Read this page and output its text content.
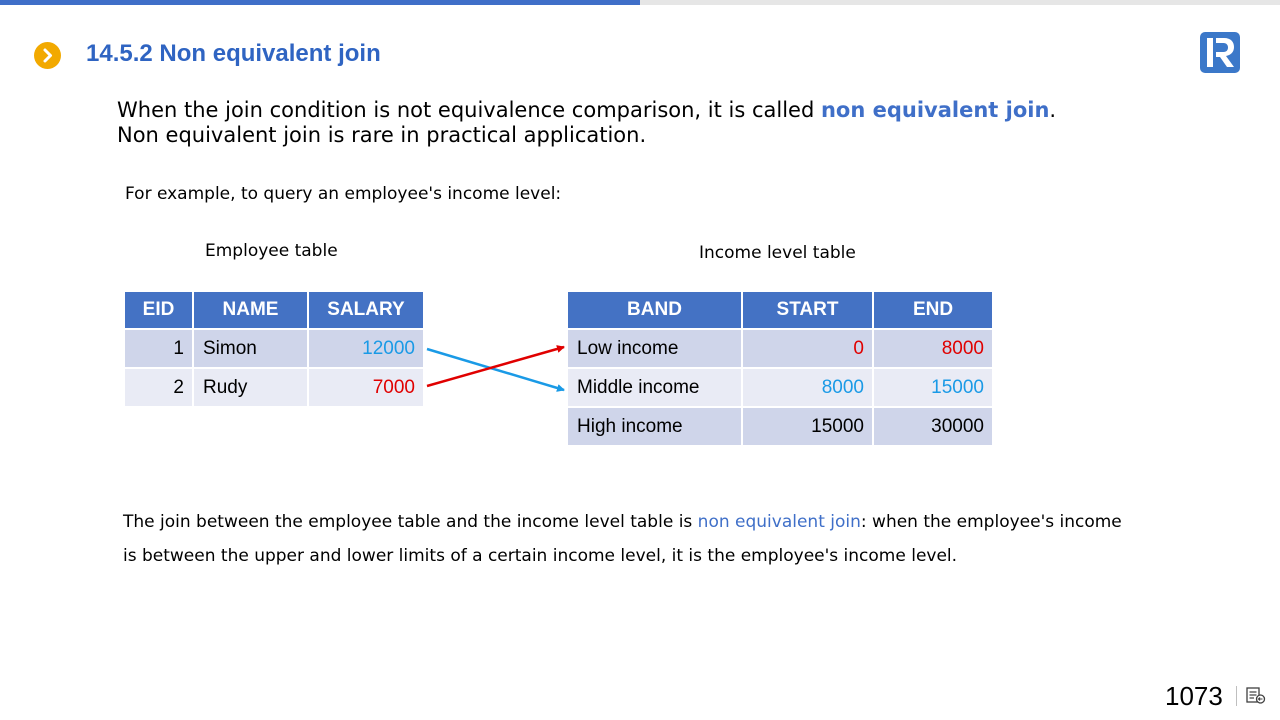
14.5.2 Non equivalent join

When the join condition is not equivalence comparison, it is called non equivalent join. Non equivalent join is rare in practical application.

For example, to query an employee's income level:

Employee table	Income level table
EID	NAME	SALARY
1	Simon	12000
2	Rudy	7000
BAND	START	END
Low income	0	8000
Middle income	8000	15000
High income	15000	30000

The join between the employee table and the income level table is non equivalent join: when the employee's income is between the upper and lower limits of a certain income level, it is the employee's income level.

1073
